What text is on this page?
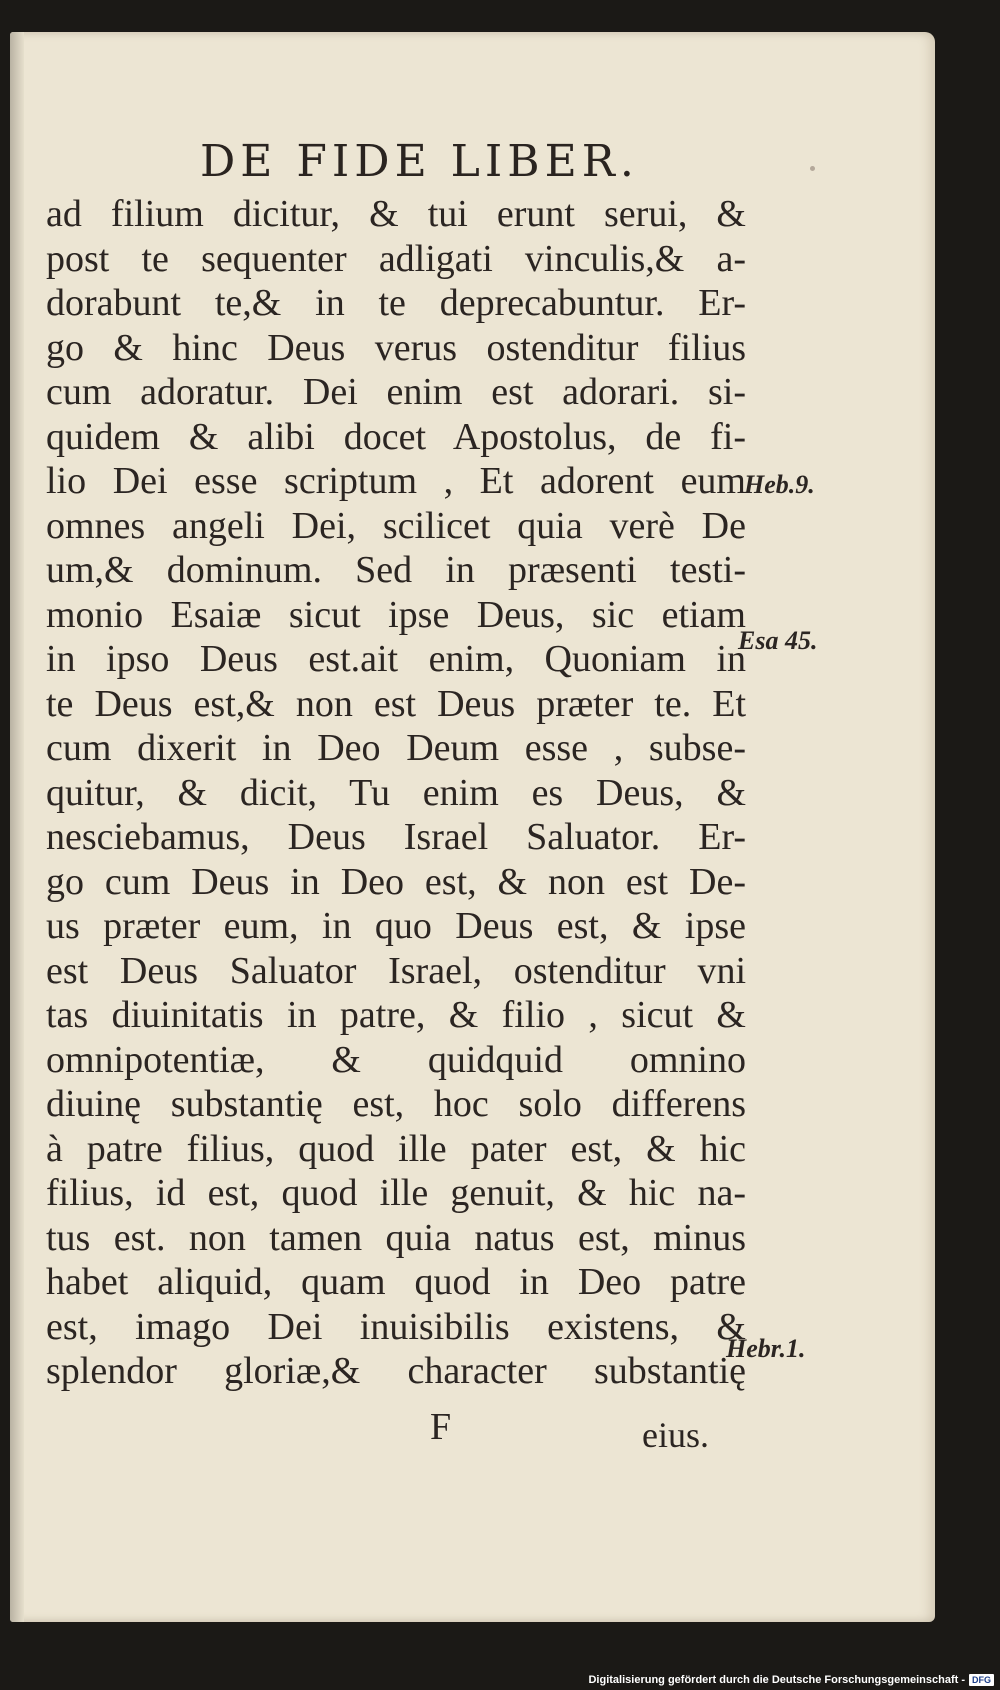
DE FIDE LIBER.
ad filium dicitur, & tui erunt serui, &
post te sequenter adligati vinculis,& a-
dorabunt te,& in te deprecabuntur. Er-
go & hinc Deus verus ostenditur filius
cum adoratur. Dei enim est adorari. si-
quidem & alibi docet Apostolus, de fi-
lio Dei esse scriptum , Et adorent eum
omnes angeli Dei, scilicet quia verè De
um,& dominum. Sed in præsenti testi-
monio Esaiæ sicut ipse Deus, sic etiam
in ipso Deus est.ait enim, Quoniam in
te Deus est,& non est Deus præter te. Et
cum dixerit in Deo Deum esse , subse-
quitur, & dicit, Tu enim es Deus, &
nesciebamus, Deus Israel Saluator. Er-
go cum Deus in Deo est, & non est De-
us præter eum, in quo Deus est, & ipse
est Deus Saluator Israel, ostenditur vni
tas diuinitatis in patre, & filio , sicut &
omnipotentiæ, & quidquid omnino
diuinę substantię est, hoc solo differens
à patre filius, quod ille pater est, & hic
filius, id est, quod ille genuit, & hic na-
tus est. non tamen quia natus est, minus
habet aliquid, quam quod in Deo patre
est, imago Dei inuisibilis existens, &
splendor gloriæ,& character substantię
Heb.9.
Esa 45.
Hebr.1.
F	eius.
Digitalisierung gefördert durch die Deutsche Forschungsgemeinschaft - DFG
